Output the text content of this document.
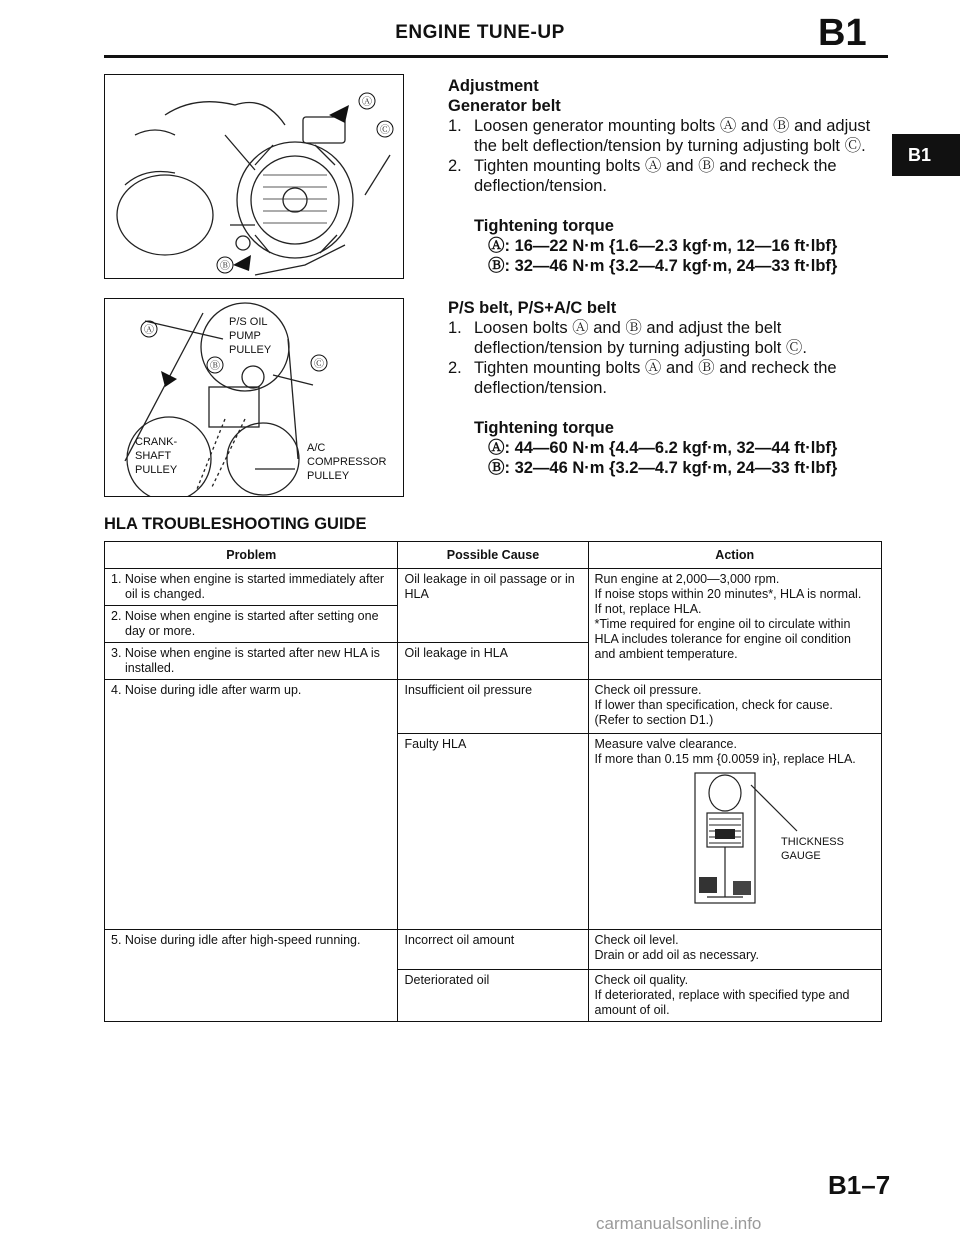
ENGINE TUNE-UP	B1
B1
Ⓐ
Ⓒ
Ⓑ
Adjustment
Generator belt
1. Loosen generator mounting bolts Ⓐ and Ⓑ and adjust the belt deflection/tension by turning adjusting bolt Ⓒ.
2. Tighten mounting bolts Ⓐ and Ⓑ and recheck the deflection/tension.
Tightening torque
Ⓐ: 16—22 N·m {1.6—2.3 kgf·m, 12—16 ft·lbf}
Ⓑ: 32—46 N·m {3.2—4.7 kgf·m, 24—33 ft·lbf}
Ⓐ
Ⓑ	Ⓒ
P/S OIL
PUMP
PULLEY
CRANK-
SHAFT
PULLEY
A/C
COMPRESSOR
PULLEY
P/S belt, P/S+A/C belt
1. Loosen bolts Ⓐ and Ⓑ and adjust the belt deflection/tension by turning adjusting bolt Ⓒ.
2. Tighten mounting bolts Ⓐ and Ⓑ and recheck the deflection/tension.
Tightening torque
Ⓐ: 44—60 N·m {4.4—6.2 kgf·m, 32—44 ft·lbf}
Ⓑ: 32—46 N·m {3.2—4.7 kgf·m, 24—33 ft·lbf}
HLA TROUBLESHOOTING GUIDE
Problem	Possible Cause	Action

1. Noise when engine is started immediately after oil is changed.	Oil leakage in oil passage or in HLA	Run engine at 2,000—3,000 rpm.
If noise stops within 20 minutes*, HLA is normal.
If not, replace HLA.
*Time required for engine oil to circulate within HLA includes tolerance for engine oil condition and ambient temperature.

2. Noise when engine is started after setting one day or more.		

3. Noise when engine is started after new HLA is installed.	Oil leakage in HLA	

4. Noise during idle after warm up.	Insufficient oil pressure	Check oil pressure.
If lower than specification, check for cause.
(Refer to section D1.)

	Faulty HLA	Measure valve clearance.
If more than 0.15 mm {0.0059 in}, replace HLA.
THICKNESS
GAUGE

5. Noise during idle after high-speed running.	Incorrect oil amount	Check oil level.
Drain or add oil as necessary.

	Deteriorated oil	Check oil quality.
If deteriorated, replace with specified type and amount of oil.
B1–7
carmanualsonline.info
